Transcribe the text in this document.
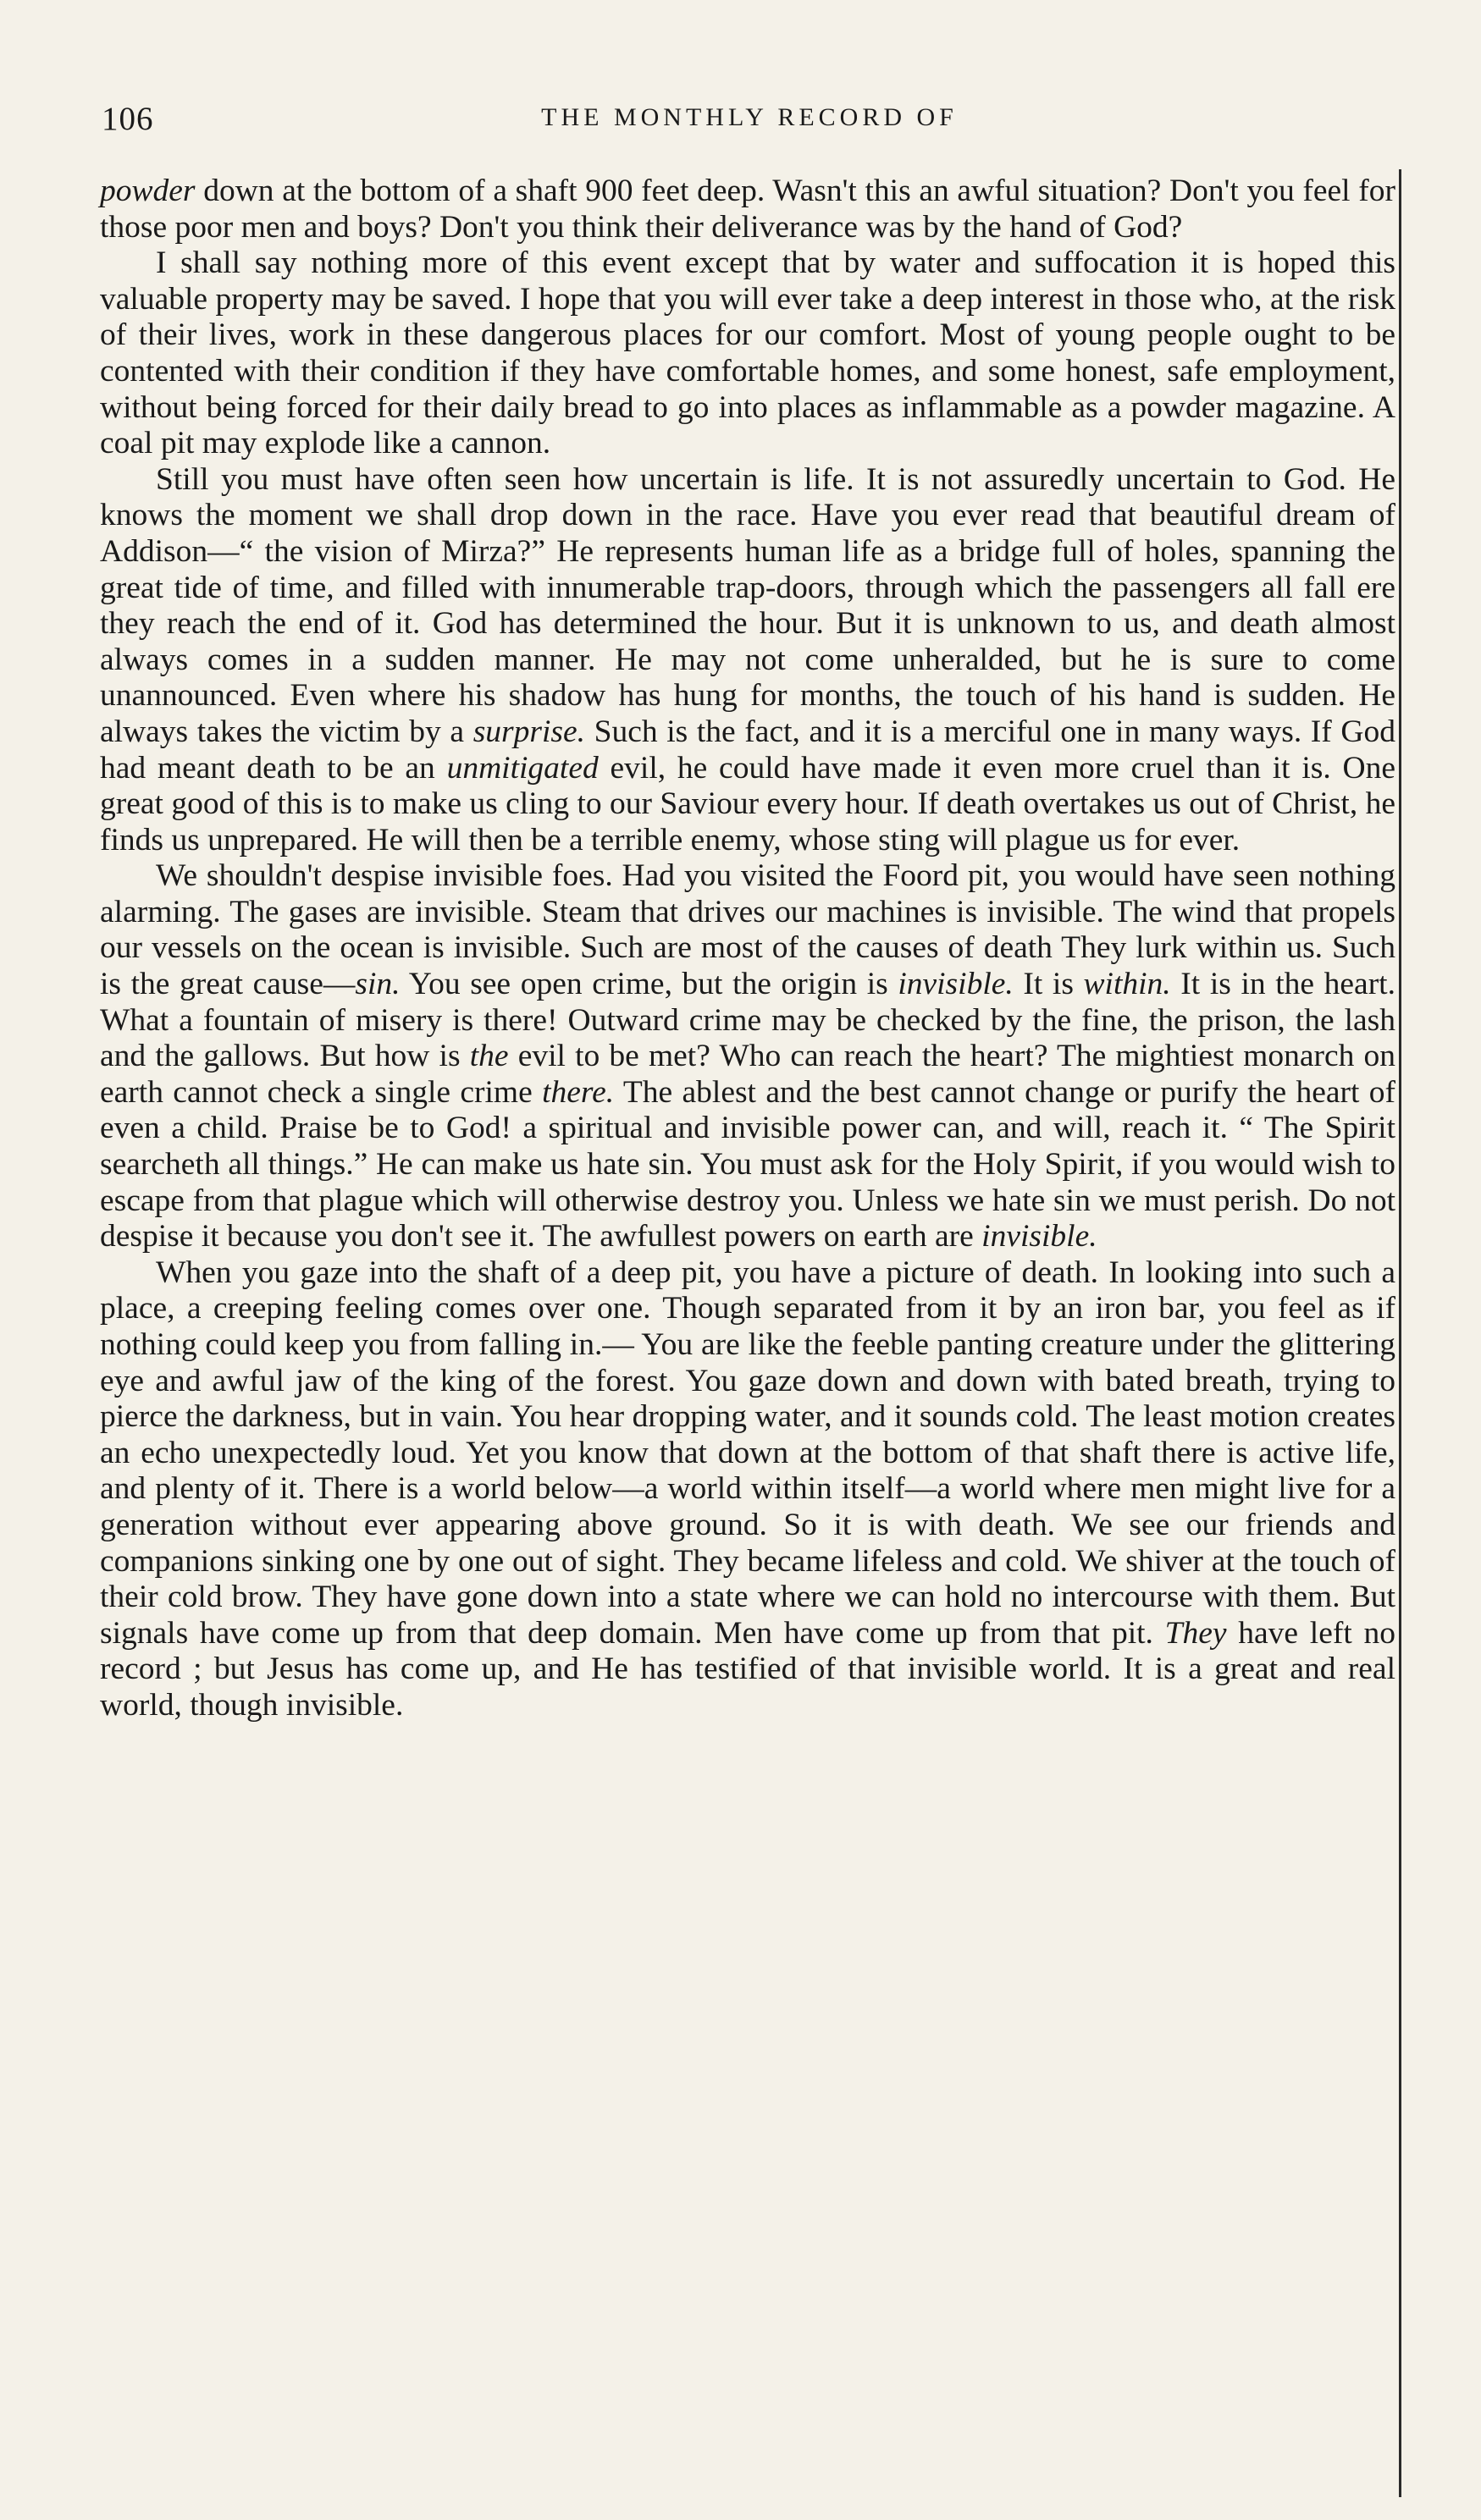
106	THE MONTHLY RECORD OF

powder down at the bottom of a shaft 900 feet deep. Wasn't this an awful situation? Don't you feel for those poor men and boys? Don't you think their deliverance was by the hand of God?

I shall say nothing more of this event except that by water and suffocation it is hoped this valuable property may be saved. I hope that you will ever take a deep interest in those who, at the risk of their lives, work in these dangerous places for our comfort. Most of young people ought to be contented with their condition if they have comfortable homes, and some honest, safe employment, without being forced for their daily bread to go into places as inflammable as a powder magazine. A coal pit may explode like a cannon.

Still you must have often seen how uncertain is life. It is not assuredly uncertain to God. He knows the moment we shall drop down in the race. Have you ever read that beautiful dream of Addison—“ the vision of Mirza?” He represents human life as a bridge full of holes, spanning the great tide of time, and filled with innumerable trap-doors, through which the passengers all fall ere they reach the end of it. God has determined the hour. But it is unknown to us, and death almost always comes in a sudden manner. He may not come unheralded, but he is sure to come unannounced. Even where his shadow has hung for months, the touch of his hand is sudden. He always takes the victim by a surprise. Such is the fact, and it is a merciful one in many ways. If God had meant death to be an unmitigated evil, he could have made it even more cruel than it is. One great good of this is to make us cling to our Saviour every hour. If death overtakes us out of Christ, he finds us unprepared. He will then be a terrible enemy, whose sting will plague us for ever.

We shouldn't despise invisible foes. Had you visited the Foord pit, you would have seen nothing alarming. The gases are invisible. Steam that drives our machines is invisible. The wind that propels our vessels on the ocean is invisible. Such are most of the causes of death They lurk within us. Such is the great cause—sin. You see open crime, but the origin is invisible. It is within. It is in the heart. What a fountain of misery is there! Outward crime may be checked by the fine, the prison, the lash and the gallows. But how is the evil to be met? Who can reach the heart? The mightiest monarch on earth cannot check a single crime there. The ablest and the best cannot change or purify the heart of even a child. Praise be to God! a spiritual and invisible power can, and will, reach it. “ The Spirit searcheth all things.” He can make us hate sin. You must ask for the Holy Spirit, if you would wish to escape from that plague which will otherwise destroy you. Unless we hate sin we must perish. Do not despise it because you don't see it. The awfullest powers on earth are invisible.

When you gaze into the shaft of a deep pit, you have a picture of death. In looking into such a place, a creeping feeling comes over one. Though separated from it by an iron bar, you feel as if nothing could keep you from falling in.— You are like the feeble panting creature under the glittering eye and awful jaw of the king of the forest. You gaze down and down with bated breath, trying to pierce the darkness, but in vain. You hear dropping water, and it sounds cold. The least motion creates an echo unexpectedly loud. Yet you know that down at the bottom of that shaft there is active life, and plenty of it. There is a world below—a world within itself—a world where men might live for a generation without ever appearing above ground. So it is with death. We see our friends and companions sinking one by one out of sight. They became lifeless and cold. We shiver at the touch of their cold brow. They have gone down into a state where we can hold no intercourse with them. But signals have come up from that deep domain. Men have come up from that pit. They have left no record ; but Jesus has come up, and He has testified of that invisible world. It is a great and real world, though invisible.
